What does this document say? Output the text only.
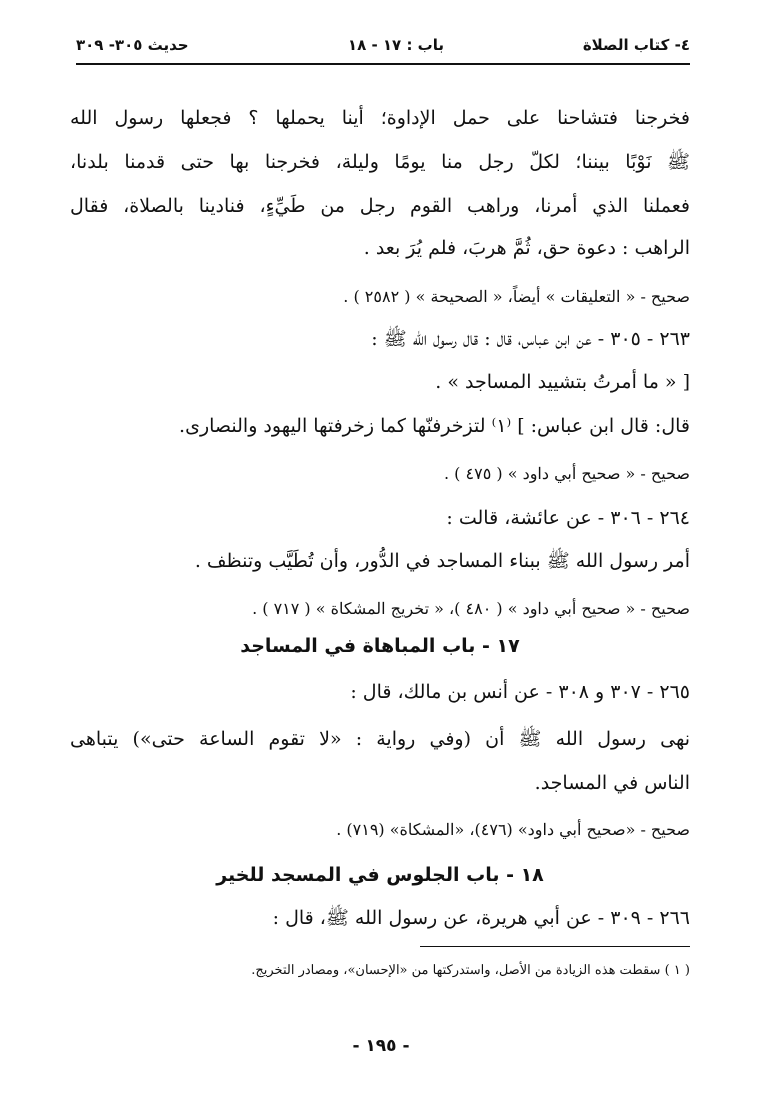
٤- كتاب الصلاة
باب : ١٧ - ١٨
حديث ٣٠٥- ٣٠٩
فخرجنا فتشاحنا على حمل الإداوة؛ أينا يحملها ؟ فجعلها رسول الله
ﷺ نَوْبًا بيننا؛ لكلّ رجل منا يومًا وليلة، فخرجنا بها حتى قدمنا بلدنا،
فعملنا الذي أمرنا، وراهب القوم رجل من طَيِّءٍ، فنادينا بالصلاة، فقال
الراهب : دعوة حق، ثُمَّ هربَ، فلم يُرَ بعد .
صحيح - « التعليقات » أيضاً، « الصحيحة » ( ٢٥٨٢ ) .
٢٦٣ - ٣٠٥ - عن ابن عباس، قال : قال رسول الله ﷺ :
[ « ما أمرتُ بتشييد المساجد » .
قال: قال ابن عباس: ] ⁽١⁾ لتزخرفنّها كما زخرفتها اليهود والنصارى.
صحيح - « صحيح أبي داود » ( ٤٧٥ ) .
٢٦٤ - ٣٠٦ - عن عائشة، قالت :
أمر رسول الله ﷺ ببناء المساجد في الدُّور، وأن تُطَيَّب وتنظف .
صحيح - « صحيح أبي داود » ( ٤٨٠ )، « تخريج المشكاة » ( ٧١٧ ) .
١٧ - باب المباهاة في المساجد
٢٦٥ - ٣٠٧ و ٣٠٨ - عن أنس بن مالك، قال :
نهى رسول الله ﷺ أن (وفي رواية : «لا تقوم الساعة حتى») يتباهى
الناس في المساجد.
صحيح - «صحيح أبي داود» (٤٧٦)، «المشكاة» (٧١٩) .
١٨ - باب الجلوس في المسجد للخير
٢٦٦ - ٣٠٩ - عن أبي هريرة، عن رسول الله ﷺ، قال :
( ١ ) سقطت هذه الزيادة من الأصل، واستدركتها من «الإحسان»، ومصادر التخريج.
- ١٩٥ -
